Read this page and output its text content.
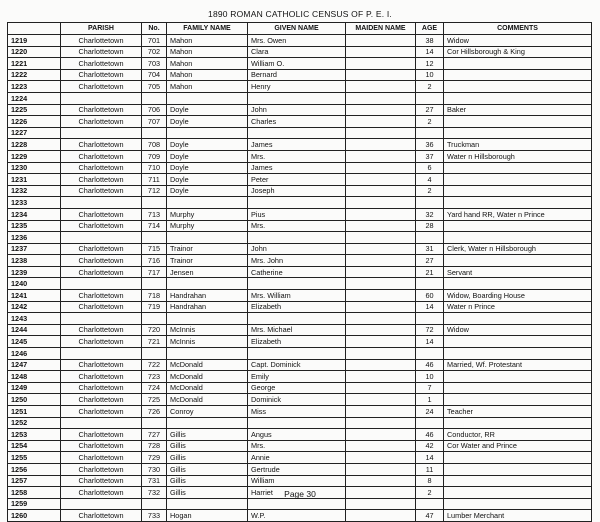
1890 ROMAN CATHOLIC CENSUS OF P. E. I.
	PARISH	No.	FAMILY NAME	GIVEN NAME	MAIDEN NAME	AGE	COMMENTS
1219	Charlottetown	701	Mahon	Mrs. Owen		38	Widow
1220	Charlottetown	702	Mahon	Clara		14	Cor Hillsborough & King
1221	Charlottetown	703	Mahon	William O.		12	
1222	Charlottetown	704	Mahon	Bernard		10	
1223	Charlottetown	705	Mahon	Henry		2	
1224							
1225	Charlottetown	706	Doyle	John		27	Baker
1226	Charlottetown	707	Doyle	Charles		2	
1227							
1228	Charlottetown	708	Doyle	James		36	Truckman
1229	Charlottetown	709	Doyle	Mrs.		37	Water n Hillsborough
1230	Charlottetown	710	Doyle	James		6	
1231	Charlottetown	711	Doyle	Peter		4	
1232	Charlottetown	712	Doyle	Joseph		2	
1233							
1234	Charlottetown	713	Murphy	Pius		32	Yard hand RR, Water n Prince
1235	Charlottetown	714	Murphy	Mrs.		28	
1236							
1237	Charlottetown	715	Trainor	John		31	Clerk, Water n Hillsborough
1238	Charlottetown	716	Trainor	Mrs. John		27	
1239	Charlottetown	717	Jensen	Catherine		21	Servant
1240							
1241	Charlottetown	718	Handrahan	Mrs. William		60	Widow, Boarding House
1242	Charlottetown	719	Handrahan	Elizabeth		14	Water n Prince
1243							
1244	Charlottetown	720	McInnis	Mrs. Michael		72	Widow
1245	Charlottetown	721	McInnis	Elizabeth		14	
1246							
1247	Charlottetown	722	McDonald	Capt. Dominick		46	Married, Wf. Protestant
1248	Charlottetown	723	McDonald	Emily		10	
1249	Charlottetown	724	McDonald	George		7	
1250	Charlottetown	725	McDonald	Dominick		1	
1251	Charlottetown	726	Conroy	Miss		24	Teacher
1252							
1253	Charlottetown	727	Gillis	Angus		46	Conductor, RR
1254	Charlottetown	728	Gillis	Mrs.		42	Cor Water and Prince
1255	Charlottetown	729	Gillis	Annie		14	
1256	Charlottetown	730	Gillis	Gertrude		11	
1257	Charlottetown	731	Gillis	William		8	
1258	Charlottetown	732	Gillis	Harriet		2	
1259							
1260	Charlottetown	733	Hogan	W.P.		47	Lumber Merchant
Page 30
